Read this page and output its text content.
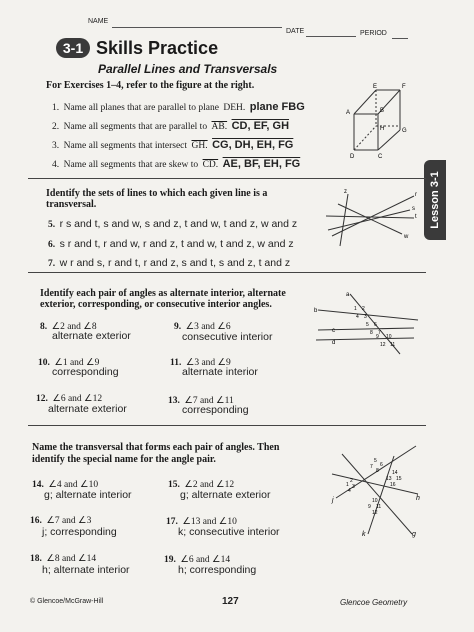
NAME
DATE	PERIOD
3-1 Skills Practice
Parallel Lines and Transversals
Lesson 3-1
For Exercises 1–4, refer to the figure at the right.
1. Name all planes that are parallel to plane DEH. plane FBG
2. Name all segments that are parallel to AB. CD, EF, GH
3. Name all segments that intersect GH. CG, DH, EH, FG
4. Name all segments that are skew to CD. AE, BF, EH, FG
E	F
A	B
H	G
D	C
Identify the sets of lines to which each given line is a
transversal.
5. r s and t, s and w, s and z, t and w, t and z, w and z
6. s r and t, r and w, r and z, t and w, t and z, w and z
7. w r and s, r and t, r and z, s and t, s and z, t and z
z	r
s
t
w
Identify each pair of angles as alternate interior, alternate
exterior, corresponding, or consecutive interior angles.
8. ∠2 and ∠8
alternate exterior
9. ∠3 and ∠6
consecutive interior
10. ∠1 and ∠9
corresponding
11. ∠3 and ∠9
alternate interior
12. ∠6 and ∠12
alternate exterior
13. ∠7 and ∠11
corresponding
a
b
c
d
1 2
4 3
5 6
8 7
9 10
12 11
Name the transversal that forms each pair of angles. Then
identify the special name for the angle pair.
14. ∠4 and ∠10
g; alternate interior
15. ∠2 and ∠12
g; alternate exterior
16. ∠7 and ∠3
j; corresponding
17. ∠13 and ∠10
k; consecutive interior
18. ∠8 and ∠14
h; alternate interior
19. ∠6 and ∠14
h; corresponding
5
6
7
8
2
1 3
4
14
13 15
16
10
9 11
12
j	h
k	g
© Glencoe/McGraw-Hill	127	Glencoe Geometry
